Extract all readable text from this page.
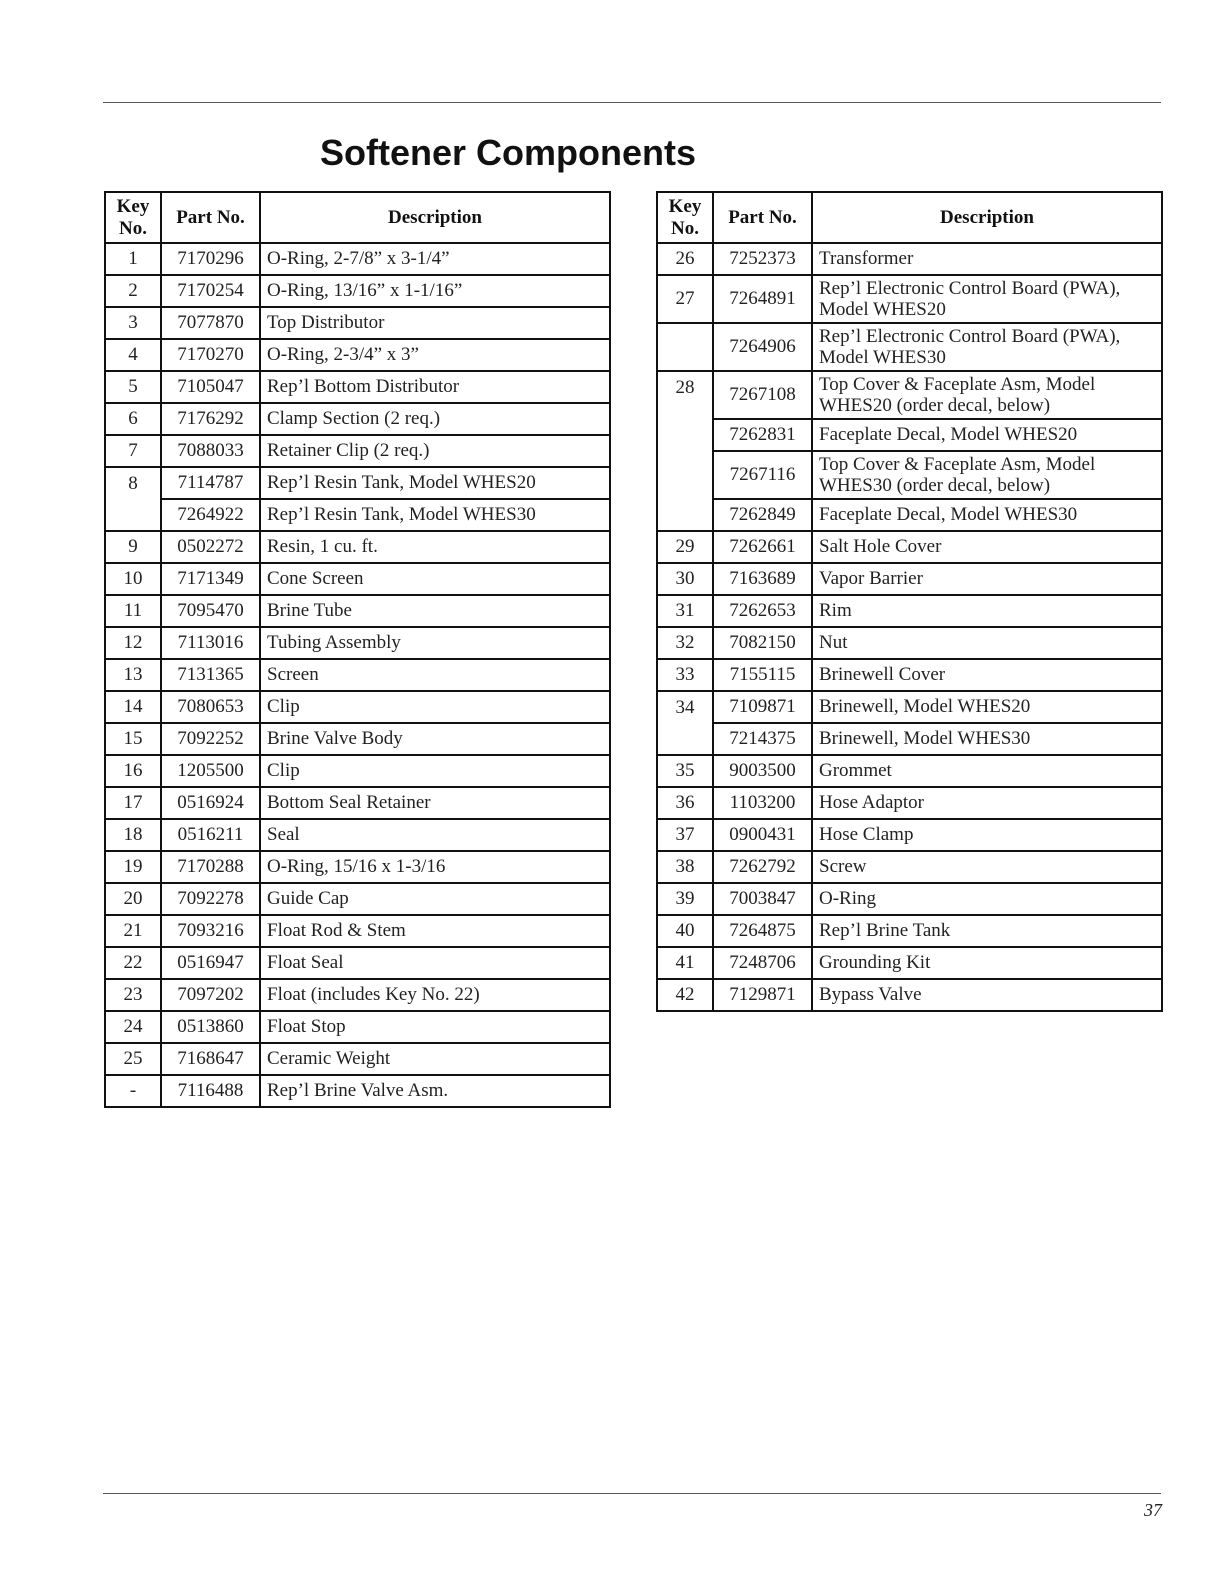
Softener Components
Key No.	Part No.	Description
1	7170296	O-Ring, 2-7/8” x 3-1/4”
2	7170254	O-Ring, 13/16” x 1-1/16”
3	7077870	Top Distributor
4	7170270	O-Ring, 2-3/4” x 3”
5	7105047	Rep’l Bottom Distributor
6	7176292	Clamp Section (2 req.)
7	7088033	Retainer Clip (2 req.)
8	7114787	Rep’l Resin Tank, Model WHES20
	7264922	Rep’l Resin Tank, Model WHES30
9	0502272	Resin, 1 cu. ft.
10	7171349	Cone Screen
11	7095470	Brine Tube
12	7113016	Tubing Assembly
13	7131365	Screen
14	7080653	Clip
15	7092252	Brine Valve Body
16	1205500	Clip
17	0516924	Bottom Seal Retainer
18	0516211	Seal
19	7170288	O-Ring, 15/16 x 1-3/16
20	7092278	Guide Cap
21	7093216	Float Rod & Stem
22	0516947	Float Seal
23	7097202	Float (includes Key No. 22)
24	0513860	Float Stop
25	7168647	Ceramic Weight
-	7116488	Rep’l Brine Valve Asm.
Key No.	Part No.	Description
26	7252373	Transformer
27	7264891	Rep’l Electronic Control Board (PWA), Model WHES20
	7264906	Rep’l Electronic Control Board (PWA), Model WHES30
28	7267108	Top Cover & Faceplate Asm, Model WHES20 (order decal, below)
	7262831	Faceplate Decal, Model WHES20
	7267116	Top Cover & Faceplate Asm, Model WHES30 (order decal, below)
	7262849	Faceplate Decal, Model WHES30
29	7262661	Salt Hole Cover
30	7163689	Vapor Barrier
31	7262653	Rim
32	7082150	Nut
33	7155115	Brinewell Cover
34	7109871	Brinewell, Model WHES20
	7214375	Brinewell, Model WHES30
35	9003500	Grommet
36	1103200	Hose Adaptor
37	0900431	Hose Clamp
38	7262792	Screw
39	7003847	O-Ring
40	7264875	Rep’l Brine Tank
41	7248706	Grounding Kit
42	7129871	Bypass Valve
37
